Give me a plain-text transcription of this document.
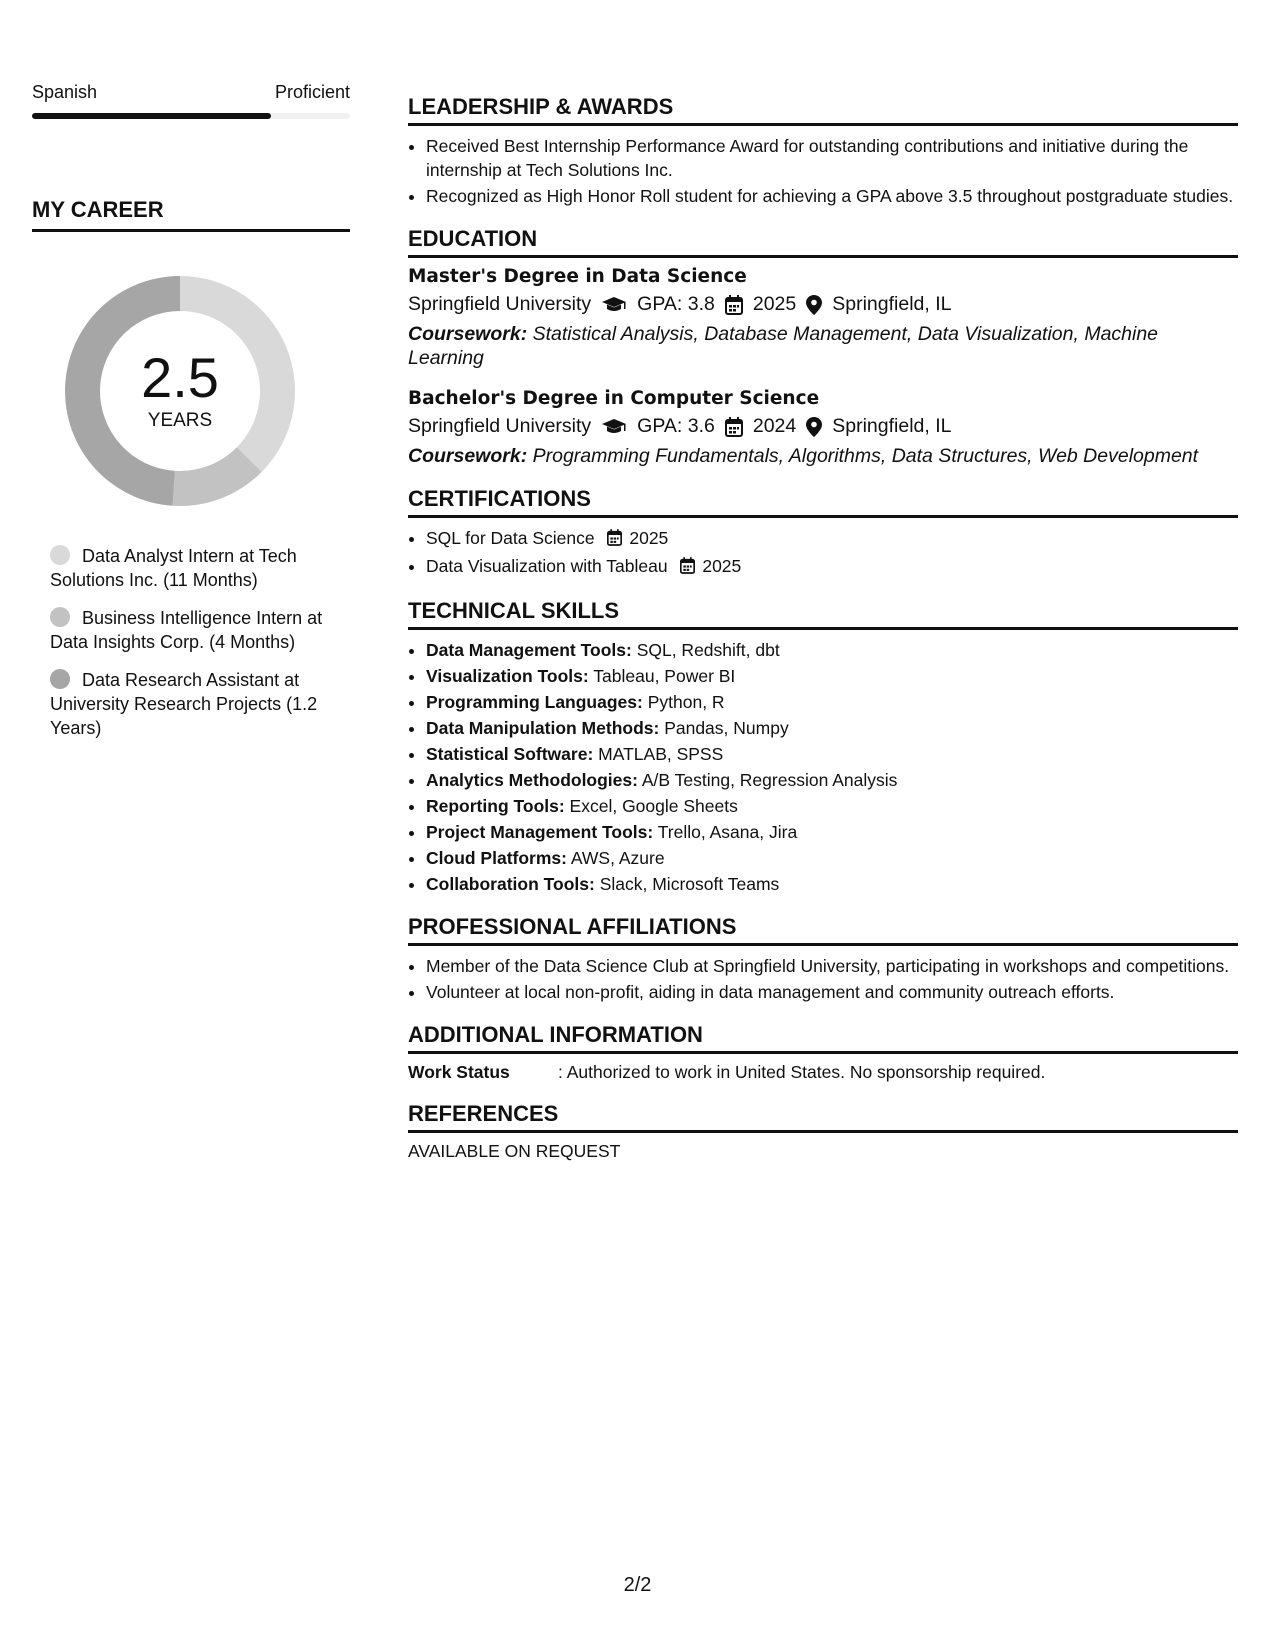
Spanish	Proficient
MY CAREER
2.5
YEARS
Data Analyst Intern at Tech Solutions Inc. (11 Months)
Business Intelligence Intern at Data Insights Corp. (4 Months)
Data Research Assistant at University Research Projects (1.2 Years)
LEADERSHIP & AWARDS
• Received Best Internship Performance Award for outstanding contributions and initiative during the internship at Tech Solutions Inc.
• Recognized as High Honor Roll student for achieving a GPA above 3.5 throughout postgraduate studies.
EDUCATION
Master's Degree in Data Science
Springfield University GPA: 3.8 2025 Springfield, IL
Coursework: Statistical Analysis, Database Management, Data Visualization, Machine Learning
Bachelor's Degree in Computer Science
Springfield University GPA: 3.6 2024 Springfield, IL
Coursework: Programming Fundamentals, Algorithms, Data Structures, Web Development
CERTIFICATIONS
• SQL for Data Science 2025
• Data Visualization with Tableau 2025
TECHNICAL SKILLS
• Data Management Tools: SQL, Redshift, dbt
• Visualization Tools: Tableau, Power BI
• Programming Languages: Python, R
• Data Manipulation Methods: Pandas, Numpy
• Statistical Software: MATLAB, SPSS
• Analytics Methodologies: A/B Testing, Regression Analysis
• Reporting Tools: Excel, Google Sheets
• Project Management Tools: Trello, Asana, Jira
• Cloud Platforms: AWS, Azure
• Collaboration Tools: Slack, Microsoft Teams
PROFESSIONAL AFFILIATIONS
• Member of the Data Science Club at Springfield University, participating in workshops and competitions.
• Volunteer at local non-profit, aiding in data management and community outreach efforts.
ADDITIONAL INFORMATION
Work Status	: Authorized to work in United States. No sponsorship required.
REFERENCES
AVAILABLE ON REQUEST
2/2
